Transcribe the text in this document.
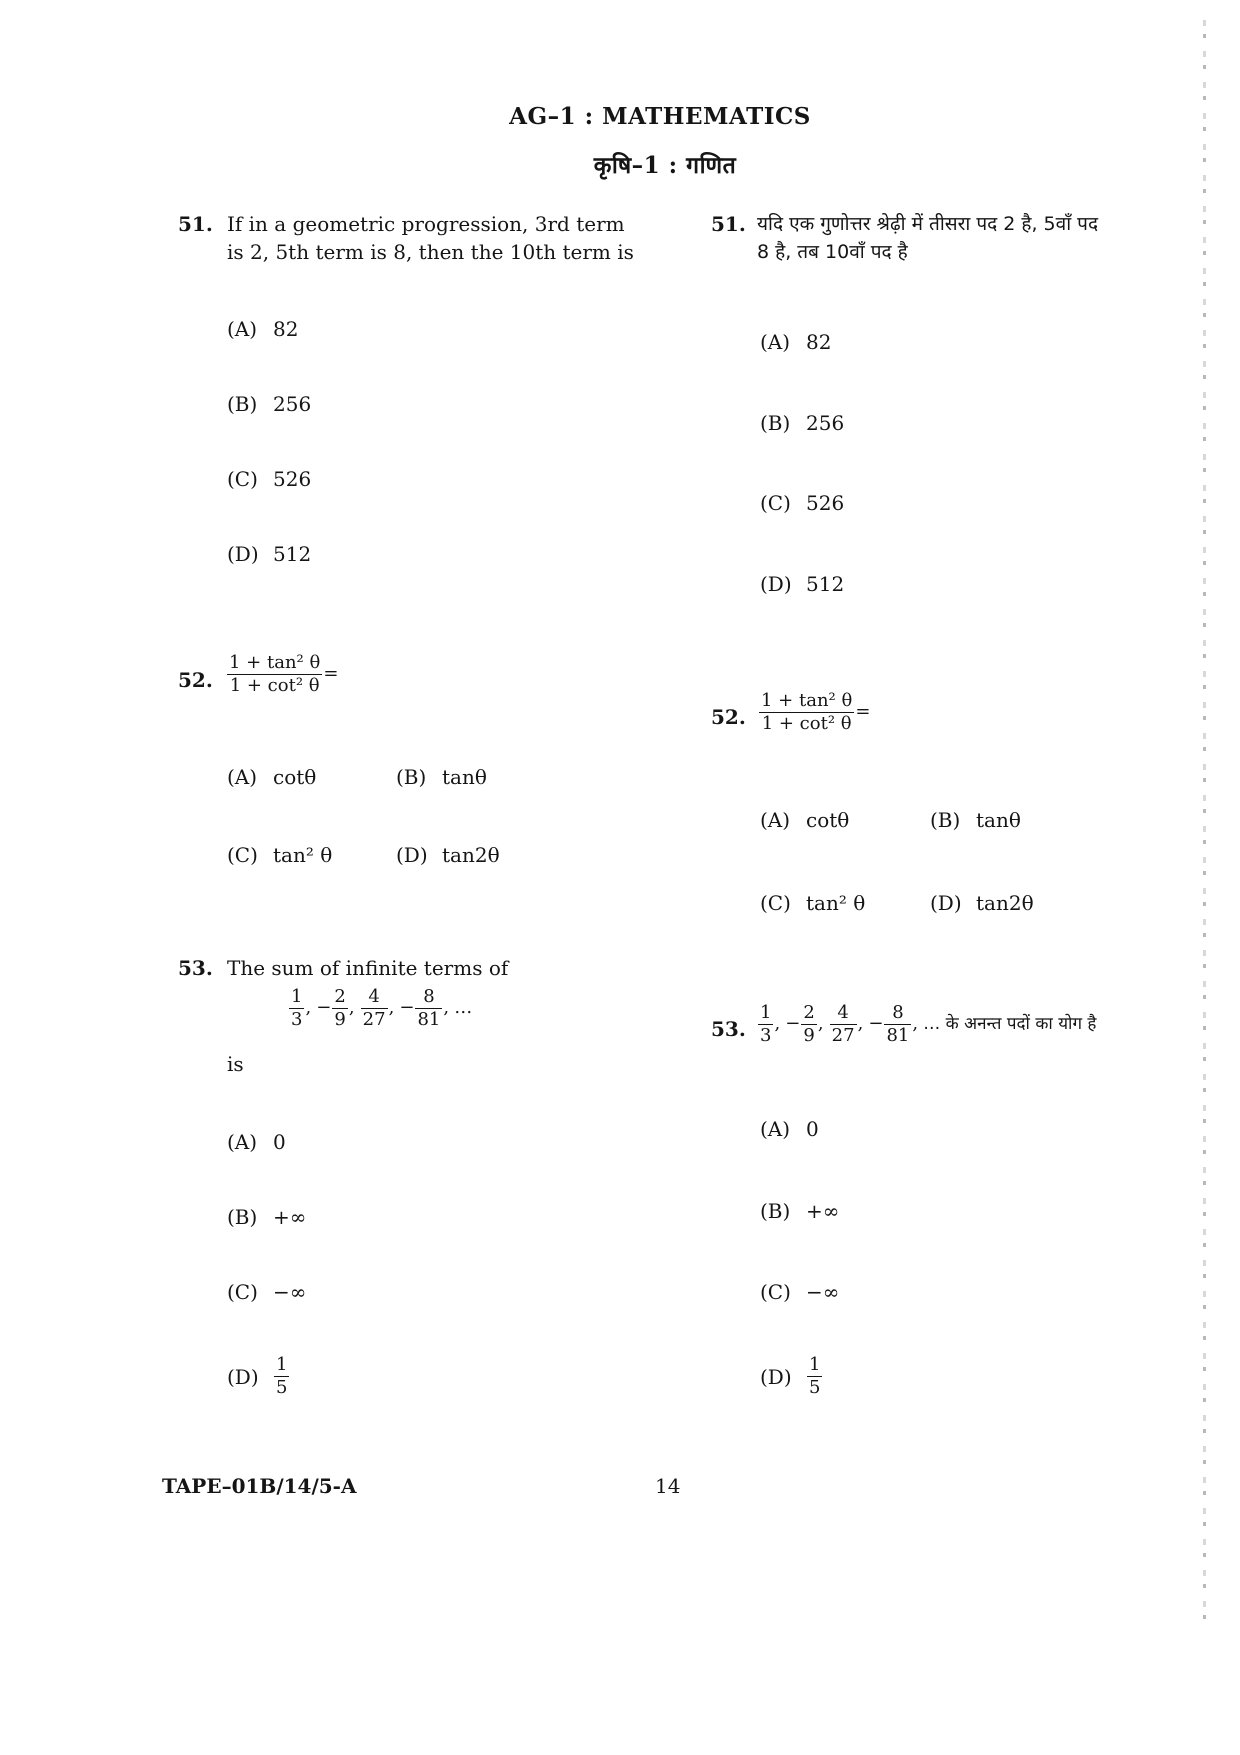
AG–1 : MATHEMATICS
कृषि–1 : गणित
51. If in a geometric progression, 3rd term
is 2, 5th term is 8, then the 10th term is
(A) 82
(B) 256
(C) 526
(D) 512
52. $\frac{\text{1 + tan² θ}}{\text{1 + cot² θ}}$ =
(A) cotθ	(B) tanθ
(C) tan² θ	(D) tan2θ
53. The sum of infinite terms of
$\frac{1}{3}$ , − $\frac{2}{9}$ , $\frac{4}{27}$ , − $\frac{8}{81}$ , …
is
(A) 0
(B) +∞
(C) −∞
$(D) \frac{1}{5}$
51. यदि एक गुणोत्तर श्रेढ़ी में तीसरा पद 2 है, 5वाँ पद
8 है, तब 10वाँ पद है
(A) 82
(B) 256
(C) 526
(D) 512
52. $\frac{\text{1 + tan² θ}}{\text{1 + cot² θ}}$ =
(A) cotθ	(B) tanθ
(C) tan² θ	(D) tan2θ
53. $\frac{1}{3}$ , − $\frac{2}{9}$ , $\frac{4}{27}$ , − $\frac{8}{81}$ , … के अनन्त पदों का योग है
(A) 0
(B) +∞
(C) −∞
$(D) \frac{1}{5}$
TAPE–01B/14/5-A	14
